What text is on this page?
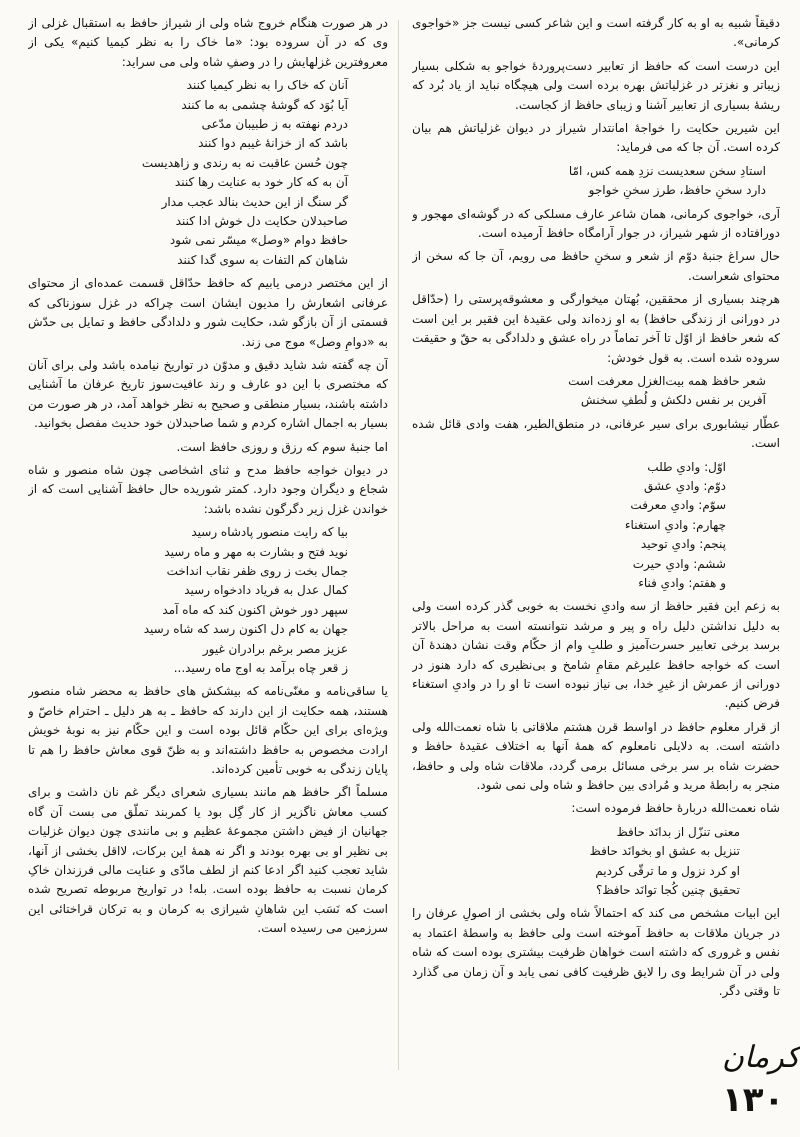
دقیقاً شبیه به او به کار گرفته است و این شاعر کسی نیست جز «خواجوی کرمانی».

این درست است که حافظ از تعابیر دست‌پروردهٔ خواجو به شکلی بسیار زیباتر و نغزتر در غزلیاتش بهره برده است ولی هیچگاه نباید از یاد بُرد که ریشهٔ بسیاری از تعابیر آشنا و زیبای حافظ از کجاست.

این شیرین حکایت را خواجهٔ امانتدار شیراز در دیوان غزلیاتش هم بیان کرده است. آن جا که می فرماید:

استادِ سخن سعدیست نزدِ همه کس، امّا
دارد سخنِ حافظ، طرز سخنِ خواجو

آری، خواجوی کرمانی، همان شاعر عارف مسلکی که در گوشه‌ای مهجور و دورافتاده از شهر شیراز، در جوار آرامگاه حافظ آرمیده است.

حال سراغ جنبهٔ دوّم از شعر و سخنِ حافظ می رویم، آن جا که سخن از محتوای شعراست.

هرچند بسیاری از محققین، بُهتان میخوارگی و معشوقه‌پرستی را (حدّاقل در دورانی از زندگی حافظ) به او زده‌اند ولی عقیدهٔ این فقیر بر این است که شعر حافظ از اوّل تا آخر تماماً در راه عشق و دلدادگی به حقّ و حقیقت سروده شده است. به قول خودش:

شعر حافظ همه بیت‌الغزل معرفت است
آفرین بر نفس دلکش و لُطفِ سخنش

عطّار نیشابوری برای سیر عرفانی، در منطق‌الطیر، هفت وادی قائل شده است.

اوّل: وادیِ طلب
دوّم: وادیِ عشق
سوّم: وادیِ معرفت
چهارم: وادیِ استغناء
پنجم: وادیِ توحید
ششم: وادیِ حیرت
و هفتم: وادیِ فناء

به زعم این فقیر حافظ از سه وادیِ نخست به خوبی گذر کرده است ولی به دلیل نداشتن دلیل راه و پیر و مرشد نتوانسته است به مراحل بالاتر برسد برخی تعابیر حسرت‌آمیز و طلبِ وام از حکّام وقت نشان دهندهٔ آن است که خواجه حافظ علیرغم مقامِ شامخ و بی‌نظیری که دارد هنوز در دورانی از عمرش از غیرِ خدا، بی نیاز نبوده است تا او را در وادیِ استغناء فرض کنیم.

از قرار معلوم حافظ در اواسط قرن هشتم ملاقاتی با شاه نعمت‌الله ولی داشته است. به دلایلی نامعلوم که همهٔ آنها به اختلاف عقیدهٔ حافظ و حضرت شاه بر سر برخی مسائل برمی گردد، ملاقات شاه ولی و حافظ، منجر به رابطهٔ مرید و مُرادی بین حافظ و شاه ولی نمی شود.

شاه نعمت‌الله دربارهٔ حافظ فرموده است:

معنی تنزّل از بدانَد حافظ
تنزیل به عشق او بخوانَد حافظ
او کرد نزول و ما ترقّی کردیم
تحقیق چنین کُجا توانَد حافظ؟

این ابیات مشخص می کند که احتمالاً شاه ولی بخشی از اصولِ عرفان را در جریان ملاقات به حافظ آموخته است ولی حافظ به واسطهٔ اعتماد به نفس و غروری که داشته است خواهان ظرفیت بیشتری بوده است که شاه ولی در آن شرایط وی را لایق ظرفیت کافی نمی یابد و آن زمان می گذارد تا وقتی دگر.

در هر صورت هنگام خروج شاه ولی از شیراز حافظ به استقبال غزلی از وی که در آن سروده بود: «ما خاک را به نظر کیمیا کنیم» یکی از معروفترین غزلهایش را در وصفِ شاه ولی می سراید:

آنان که خاک را به نظر کیمیا کنند
آیا بُوَد که گوشهٔ چشمی به ما کنند
دردم نهفته به ز طبیبان مدّعی
باشد که از خزانهٔ غیبم دوا کنند
چون حُسن عاقبت نه به رندی و زاهدیست
آن به که کار خود به عنایت رها کنند
گر سنگ از این حدیث بنالد عجب مدار
صاحبدلان حکایت دل خوش ادا کنند
حافظ دوام «وصل» میسّر نمی شود
شاهان کم التفات به سوی گدا کنند

از این مختصر درمی یابیم که حافظ حدّاقل قسمت عمده‌ای از محتوای عرفانی اشعارش را مدیون ایشان است چراکه در غزل سوزناکی که قسمتی از آن بازگو شد، حکایت شور و دلدادگی حافظ و تمایل بی حدّش به «دوامِ وصل» موج می زند.

آن چه گفته شد شاید دقیق و مدوّن در تواریخ نیامده باشد ولی برای آنان که مختصری با این دو عارف و رند عافیت‌سوز تاریخ عرفان ما آشنایی داشته باشند، بسیار منطقی و صحیح به نظر خواهد آمد، در هر صورت من بسیار به اجمال اشاره کردم و شما صاحبدلان خود حدیث مفصل بخوانید.

اما جنبهٔ سوم که رزق و روزی حافظ است.

در دیوان خواجه حافظ مدح و ثنای اشخاصی چون شاه منصور و شاه شجاع و دیگران وجود دارد. کمتر شوریده حال حافظ آشنایی است که از خواندن غزل زیر دگرگون نشده باشد:

بیا که رایت منصور پادشاه رسید
نوید فتح و بشارت به مهر و ماه رسید
جمال بخت ز روی ظفر نقاب انداخت
کمال عدل به فریاد دادخواه رسید
سپهر دور خوش اکنون کند که ماه آمد
جهان به کام دل اکنون رسد که شاه رسید
عزیز مصر برغم برادران غیور
ز قعر چاه برآمد به اوج ماه رسید...

یا ساقی‌نامه و مغنّی‌نامه که بیشکش های حافظ به محضر شاه منصور هستند، همه حکایت از این دارند که حافظ ـ به هر دلیل ـ احترام خاصّ و ویژه‌ای برای این حکّام قائل بوده است و این حکّام نیز به نوبهٔ خویش ارادت مخصوص به حافظ داشته‌اند و به ظنّ قوی معاش حافظ را هم تا پایان زندگی به خوبی تأمین کرده‌اند.

مسلماً اگر حافظ هم مانند بسیاری شعرای دیگر غم نان داشت و برای کسب معاش ناگزیر از کار گِل بود یا کمربند تملّق می بست آن گاه جهانیان از فیض داشتن مجموعهٔ عظیم و بی مانندی چون دیوان غزلیات بی نظیر او بی بهره بودند و اگر نه همهٔ این برکات، لااقل بخشی از آنها، شاید تعجب کنید اگر ادعا کنم از لطف مادّی و عنایت مالی فرزندان خاکِ کرمان نسبت به حافظ بوده است. بله! در تواریخ مربوطه تصریح شده است که نَسَب این شاهانِ شیرازی به کرمان و به ترکان قراختائی این سرزمین می رسیده است.

کرمان
۱۳۰
